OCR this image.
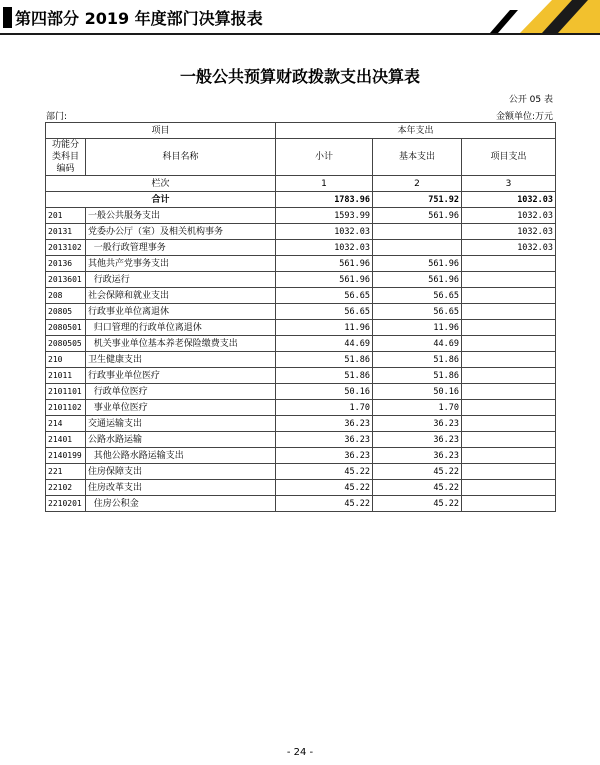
第四部分 2019 年度部门决算报表
一般公共预算财政拨款支出决算表
公开 05 表
部门:	金额单位:万元
项目		本年支出		
功能分
类科目
编码	科目名称	小计	基本支出	项目支出
栏次		1	2	3
合计		1783.96	751.92	1032.03
201	一般公共服务支出	1593.99	561.96	1032.03
20131	党委办公厅（室）及相关机构事务	1032.03		1032.03
2013102	一般行政管理事务	1032.03		1032.03
20136	其他共产党事务支出	561.96	561.96	
2013601	行政运行	561.96	561.96	
208	社会保障和就业支出	56.65	56.65	
20805	行政事业单位离退休	56.65	56.65	
2080501	归口管理的行政单位离退休	11.96	11.96	
2080505	机关事业单位基本养老保险缴费支出	44.69	44.69	
210	卫生健康支出	51.86	51.86	
21011	行政事业单位医疗	51.86	51.86	
2101101	行政单位医疗	50.16	50.16	
2101102	事业单位医疗	1.70	1.70	
214	交通运输支出	36.23	36.23	
21401	公路水路运输	36.23	36.23	
2140199	其他公路水路运输支出	36.23	36.23	
221	住房保障支出	45.22	45.22	
22102	住房改革支出	45.22	45.22	
2210201	住房公积金	45.22	45.22	
- 24 -
